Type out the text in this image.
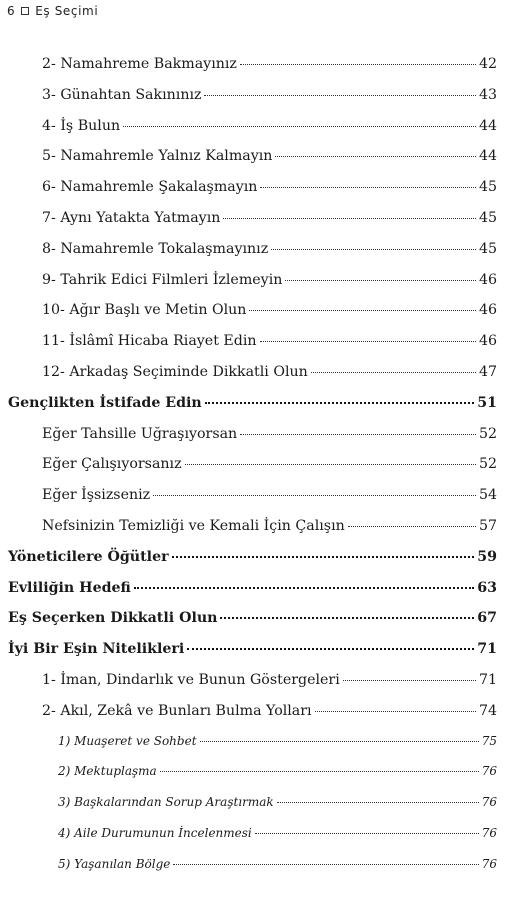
6 Eş Seçimi
2- Namahreme Bakmayınız	42
3- Günahtan Sakınınız	43
4- İş Bulun	44
5- Namahremle Yalnız Kalmayın	44
6- Namahremle Şakalaşmayın	45
7- Aynı Yatakta Yatmayın	45
8- Namahremle Tokalaşmayınız	45
9- Tahrik Edici Filmleri İzlemeyin	46
10- Ağır Başlı ve Metin Olun	46
11- İslâmî Hicaba Riayet Edin	46
12- Arkadaş Seçiminde Dikkatli Olun	47
Gençlikten İstifade Edin	51
Eğer Tahsille Uğraşıyorsan	52
Eğer Çalışıyorsanız	52
Eğer İşsizseniz	54
Nefsinizin Temizliği ve Kemali İçin Çalışın	57
Yöneticilere Öğütler	59
Evliliğin Hedefi	63
Eş Seçerken Dikkatli Olun	67
İyi Bir Eşin Nitelikleri	71
1- İman, Dindarlık ve Bunun Göstergeleri	71
2- Akıl, Zekâ ve Bunları Bulma Yolları	74
1) Muaşeret ve Sohbet	75
2) Mektuplaşma	76
3) Başkalarından Sorup Araştırmak	76
4) Aile Durumunun İncelenmesi	76
5) Yaşanılan Bölge	76
